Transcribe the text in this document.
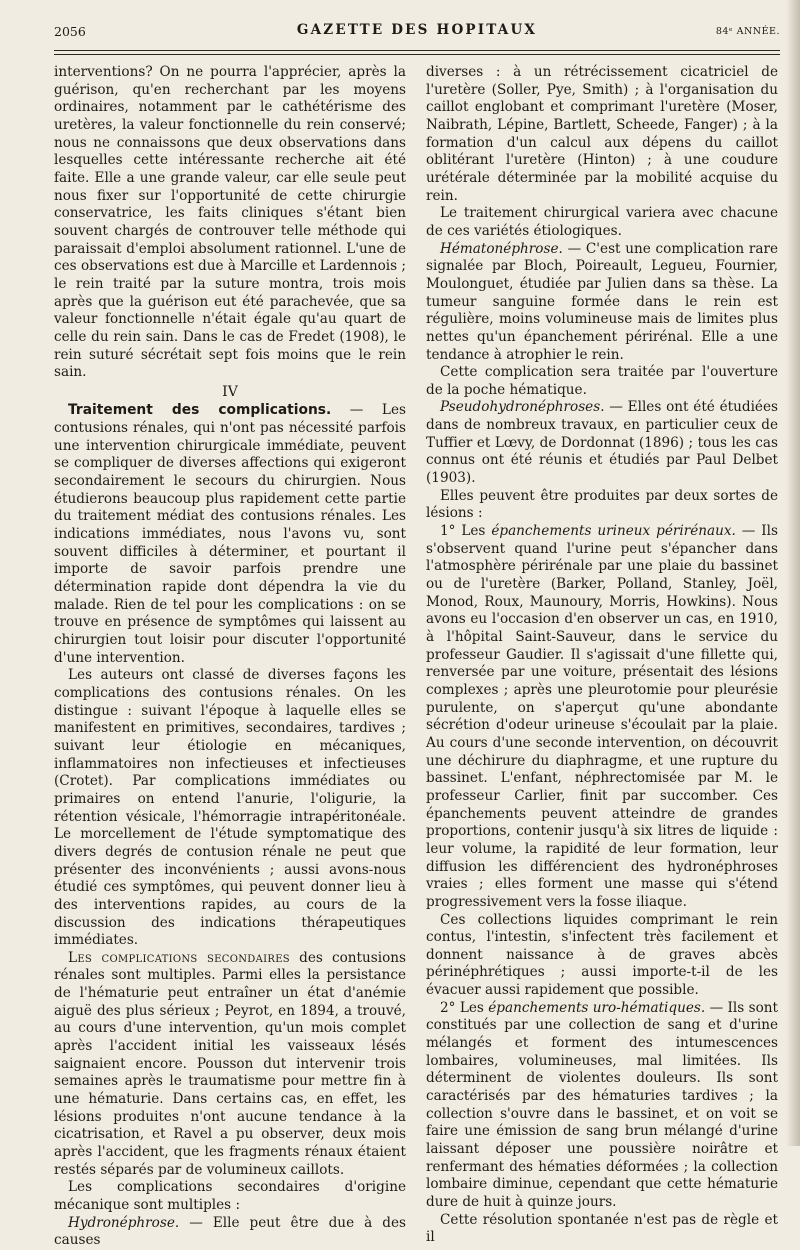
2056	GAZETTE DES HOPITAUX	84ᵉ ANNÉE.

interventions? On ne pourra l'apprécier, après la guérison, qu'en recherchant par les moyens ordinaires, notamment par le cathétérisme des uretères, la valeur fonctionnelle du rein conservé; nous ne connaissons que deux observations dans lesquelles cette intéressante recherche ait été faite. Elle a une grande valeur, car elle seule peut nous fixer sur l'opportunité de cette chirurgie conservatrice, les faits cliniques s'étant bien souvent chargés de controuver telle méthode qui paraissait d'emploi absolument rationnel. L'une de ces observations est due à Marcille et Lardennois ; le rein traité par la suture montra, trois mois après que la guérison eut été parachevée, que sa valeur fonctionnelle n'était égale qu'au quart de celle du rein sain. Dans le cas de Fredet (1908), le rein suturé sécrétait sept fois moins que le rein sain.

IV

Traitement des complications. — Les contusions rénales, qui n'ont pas nécessité parfois une intervention chirurgicale immédiate, peuvent se compliquer de diverses affections qui exigeront secondairement le secours du chirurgien. Nous étudierons beaucoup plus rapidement cette partie du traitement médiat des contusions rénales. Les indications immédiates, nous l'avons vu, sont souvent difficiles à déterminer, et pourtant il importe de savoir parfois prendre une détermination rapide dont dépendra la vie du malade. Rien de tel pour les complications : on se trouve en présence de symptômes qui laissent au chirurgien tout loisir pour discuter l'opportunité d'une intervention.

Les auteurs ont classé de diverses façons les complications des contusions rénales. On les distingue : suivant l'époque à laquelle elles se manifestent en primitives, secondaires, tardives ; suivant leur étiologie en mécaniques, inflammatoires non infectieuses et infectieuses (Crotet). Par complications immédiates ou primaires on entend l'anurie, l'oligurie, la rétention vésicale, l'hémorragie intrapéritonéale. Le morcellement de l'étude symptomatique des divers degrés de contusion rénale ne peut que présenter des inconvénients ; aussi avons-nous étudié ces symptômes, qui peuvent donner lieu à des interventions rapides, au cours de la discussion des indications thérapeutiques immédiates.

Les complications secondaires des contusions rénales sont multiples. Parmi elles la persistance de l'hématurie peut entraîner un état d'anémie aiguë des plus sérieux ; Peyrot, en 1894, a trouvé, au cours d'une intervention, qu'un mois complet après l'accident initial les vaisseaux lésés saignaient encore. Pousson dut intervenir trois semaines après le traumatisme pour mettre fin à une hématurie. Dans certains cas, en effet, les lésions produites n'ont aucune tendance à la cicatrisation, et Ravel a pu observer, deux mois après l'accident, que les fragments rénaux étaient restés séparés par de volumineux caillots.

Les complications secondaires d'origine mécanique sont multiples :

Hydronéphrose. — Elle peut être due à des causes

diverses : à un rétrécissement cicatriciel de l'uretère (Soller, Pye, Smith) ; à l'organisation du caillot englobant et comprimant l'uretère (Moser, Naibrath, Lépine, Bartlett, Scheede, Fanger) ; à la formation d'un calcul aux dépens du caillot oblitérant l'uretère (Hinton) ; à une coudure urétérale déterminée par la mobilité acquise du rein.

Le traitement chirurgical variera avec chacune de ces variétés étiologiques.

Hématonéphrose. — C'est une complication rare signalée par Bloch, Poireault, Legueu, Fournier, Moulonguet, étudiée par Julien dans sa thèse. La tumeur sanguine formée dans le rein est régulière, moins volumineuse mais de limites plus nettes qu'un épanchement périrénal. Elle a une tendance à atrophier le rein.

Cette complication sera traitée par l'ouverture de la poche hématique.

Pseudohydronéphroses. — Elles ont été étudiées dans de nombreux travaux, en particulier ceux de Tuffier et Lœvy, de Dordonnat (1896) ; tous les cas connus ont été réunis et étudiés par Paul Delbet (1903).

Elles peuvent être produites par deux sortes de lésions :

1° Les épanchements urineux périrénaux. — Ils s'observent quand l'urine peut s'épancher dans l'atmosphère périrénale par une plaie du bassinet ou de l'uretère (Barker, Polland, Stanley, Joël, Monod, Roux, Maunoury, Morris, Howkins). Nous avons eu l'occasion d'en observer un cas, en 1910, à l'hôpital Saint-Sauveur, dans le service du professeur Gaudier. Il s'agissait d'une fillette qui, renversée par une voiture, présentait des lésions complexes ; après une pleurotomie pour pleurésie purulente, on s'aperçut qu'une abondante sécrétion d'odeur urineuse s'écoulait par la plaie. Au cours d'une seconde intervention, on découvrit une déchirure du diaphragme, et une rupture du bassinet. L'enfant, néphrectomisée par M. le professeur Carlier, finit par succomber. Ces épanchements peuvent atteindre de grandes proportions, contenir jusqu'à six litres de liquide : leur volume, la rapidité de leur formation, leur diffusion les différencient des hydronéphroses vraies ; elles forment une masse qui s'étend progressivement vers la fosse iliaque.

Ces collections liquides comprimant le rein contus, l'intestin, s'infectent très facilement et donnent naissance à de graves abcès périnéphrétiques ; aussi importe-t-il de les évacuer aussi rapidement que possible.

2° Les épanchements uro-hématiques. — Ils sont constitués par une collection de sang et d'urine mélangés et forment des intumescences lombaires, volumineuses, mal limitées. Ils déterminent de violentes douleurs. Ils sont caractérisés par des hématuries tardives ; la collection s'ouvre dans le bassinet, et on voit se faire une émission de sang brun mélangé d'urine laissant déposer une poussière noirâtre et renfermant des hématies déformées ; la collection lombaire diminue, cependant que cette hématurie dure de huit à quinze jours.

Cette résolution spontanée n'est pas de règle et il
